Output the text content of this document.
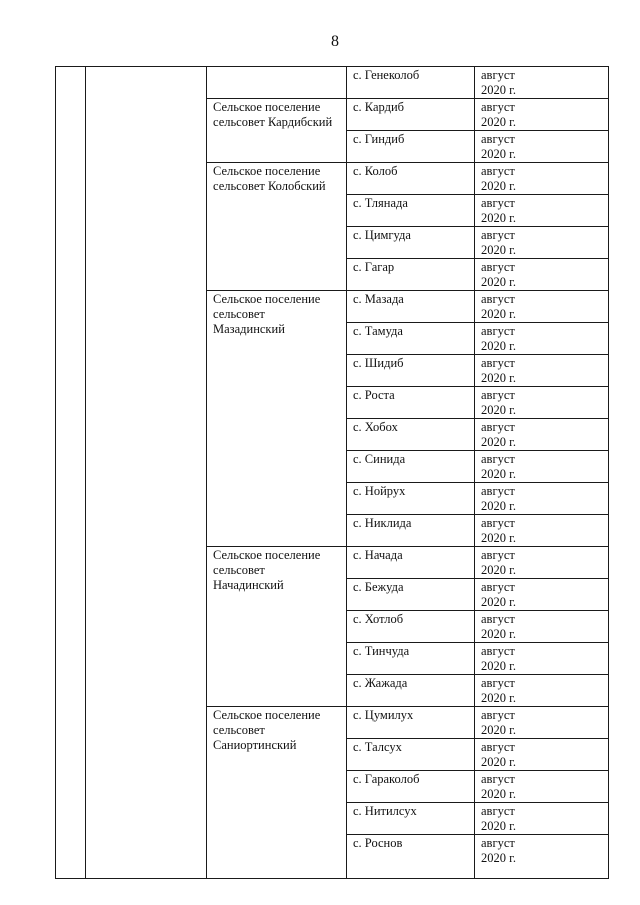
8
			с. Генеколоб	август
2020 г.

		Сельское поселение
сельсовет Кардибский	с. Кардиб	август
2020 г.

			с. Гиндиб	август
2020 г.

		Сельское поселение
сельсовет Колобский	с. Колоб	август
2020 г.

			с. Тлянада	август
2020 г.

			с. Цимгуда	август
2020 г.

			с. Гагар	август
2020 г.

		Сельское поселение
сельсовет
Мазадинский	с. Мазада	август
2020 г.

			с. Тамуда	август
2020 г.

			с. Шидиб	август
2020 г.

			с. Роста	август
2020 г.

			с. Хобох	август
2020 г.

			с. Синида	август
2020 г.

			с. Нойрух	август
2020 г.

			с. Никлида	август
2020 г.

		Сельское поселение
сельсовет
Начадинский	с. Начада	август
2020 г.

			с. Бежуда	август
2020 г.

			с. Хотлоб	август
2020 г.

			с. Тинчуда	август
2020 г.

			с. Жажада	август
2020 г.

		Сельское поселение
сельсовет
Саниортинский	с. Цумилух	август
2020 г.

			с. Талсух	август
2020 г.

			с. Гараколоб	август
2020 г.

			с. Нитилсух	август
2020 г.

			с. Роснов	август
2020 г.
